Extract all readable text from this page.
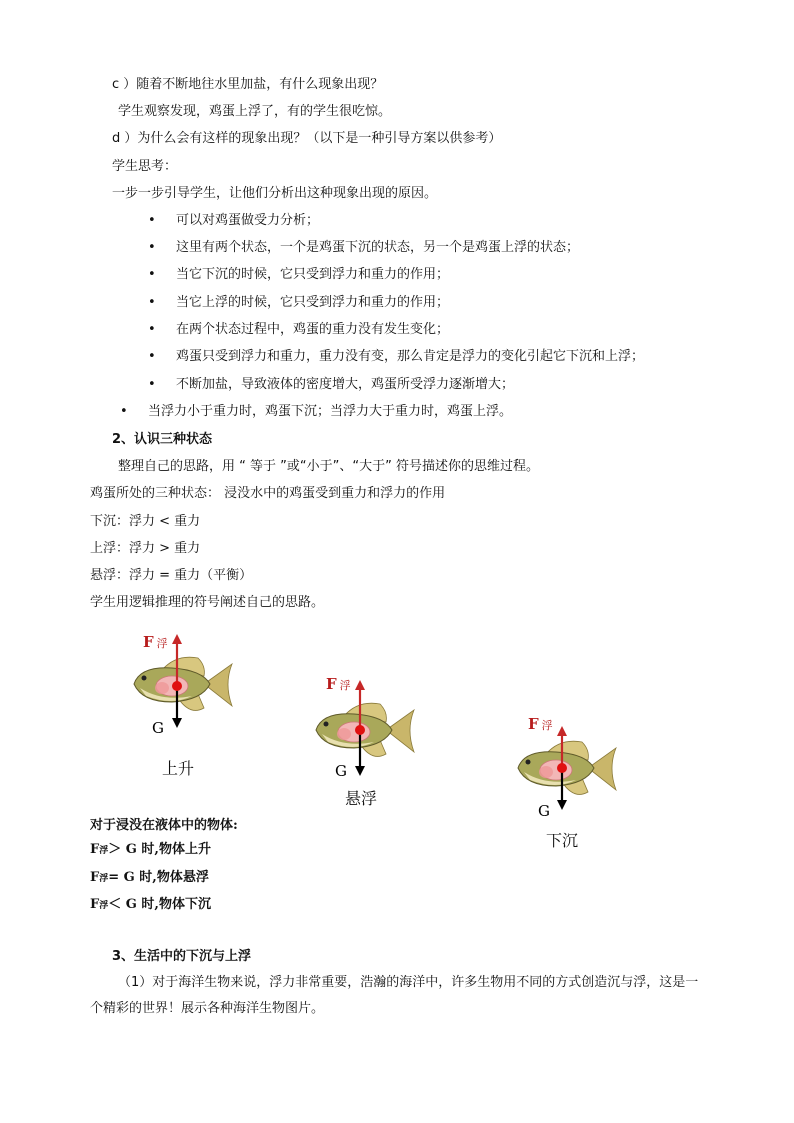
c ）随着不断地往水里加盐，有什么现象出现？
学生观察发现，鸡蛋上浮了，有的学生很吃惊。
d ）为什么会有这样的现象出现？（以下是一种引导方案以供参考）
学生思考：
一步一步引导学生，让他们分析出这种现象出现的原因。
• 可以对鸡蛋做受力分析；
• 这里有两个状态，一个是鸡蛋下沉的状态，另一个是鸡蛋上浮的状态；
• 当它下沉的时候，它只受到浮力和重力的作用；
• 当它上浮的时候，它只受到浮力和重力的作用；
• 在两个状态过程中，鸡蛋的重力没有发生变化；
• 鸡蛋只受到浮力和重力，重力没有变，那么肯定是浮力的变化引起它下沉和上浮；
• 不断加盐，导致液体的密度增大，鸡蛋所受浮力逐渐增大；
• 当浮力小于重力时，鸡蛋下沉；当浮力大于重力时，鸡蛋上浮。
2、认识三种状态
整理自己的思路，用 “ 等于 ”或“小于”、“大于” 符号描述你的思维过程。
鸡蛋所处的三种状态： 浸没水中的鸡蛋受到重力和浮力的作用
下沉：浮力 < 重力
上浮：浮力 > 重力
悬浮：浮力 = 重力（平衡）
学生用逻辑推理的符号阐述自己的思路。
F 浮
G
上升
F 浮
G
悬浮
F 浮
G
下沉
对于浸没在液体中的物体:
F浮＞ G 时,物体上升
F浮= G 时,物体悬浮
F浮＜ G 时,物体下沉
3、生活中的下沉与上浮
（1）对于海洋生物来说，浮力非常重要，浩瀚的海洋中，许多生物用不同的方式创造沉与浮，这是一个精彩的世界！展示各种海洋生物图片。
